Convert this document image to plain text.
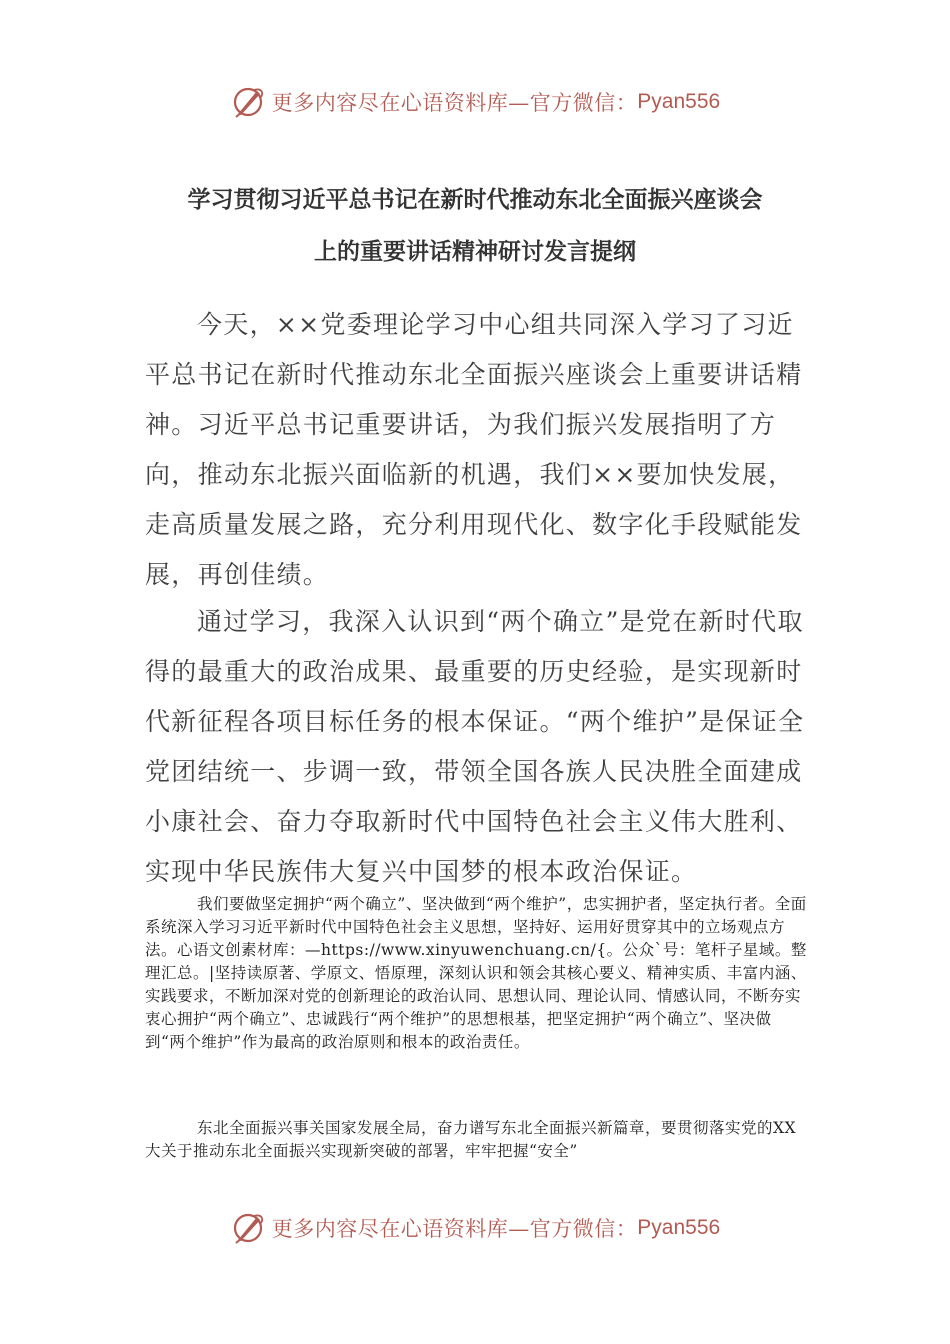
更多内容尽在心语资料库—官方微信： Pyan556
学习贯彻习近平总书记在新时代推动东北全面振兴座谈会
上的重要讲话精神研讨发言提纲

今天，××党委理论学习中心组共同深入学习了习近平总书记在新时代推动东北全面振兴座谈会上重要讲话精神。习近平总书记重要讲话，为我们振兴发展指明了方向，推动东北振兴面临新的机遇，我们××要加快发展，走高质量发展之路，充分利用现代化、数字化手段赋能发展，再创佳绩。

通过学习，我深入认识到“两个确立”是党在新时代取得的最重大的政治成果、最重要的历史经验，是实现新时代新征程各项目标任务的根本保证。“两个维护”是保证全党团结统一、步调一致，带领全国各族人民决胜全面建成小康社会、奋力夺取新时代中国特色社会主义伟大胜利、实现中华民族伟大复兴中国梦的根本政治保证。

我们要做坚定拥护“两个确立”、坚决做到“两个维护”，忠实拥护者，坚定执行者。全面系统深入学习习近平新时代中国特色社会主义思想，坚持好、运用好贯穿其中的立场观点方法。心语文创素材库：—https://www.xinyuwenchuang.cn/{。公众`号：笔杆子星域。整理汇总。|坚持读原著、学原文、悟原理，深刻认识和领会其核心要义、精神实质、丰富内涵、实践要求，不断加深对党的创新理论的政治认同、思想认同、理论认同、情感认同，不断夯实衷心拥护“两个确立”、忠诚践行“两个维护”的思想根基，把坚定拥护“两个确立”、坚决做到“两个维护”作为最高的政治原则和根本的政治责任。

东北全面振兴事关国家发展全局，奋力谱写东北全面振兴新篇章，要贯彻落实党的XX大关于推动东北全面振兴实现新突破的部署，牢牢把握“安全”

更多内容尽在心语资料库—官方微信： Pyan556
